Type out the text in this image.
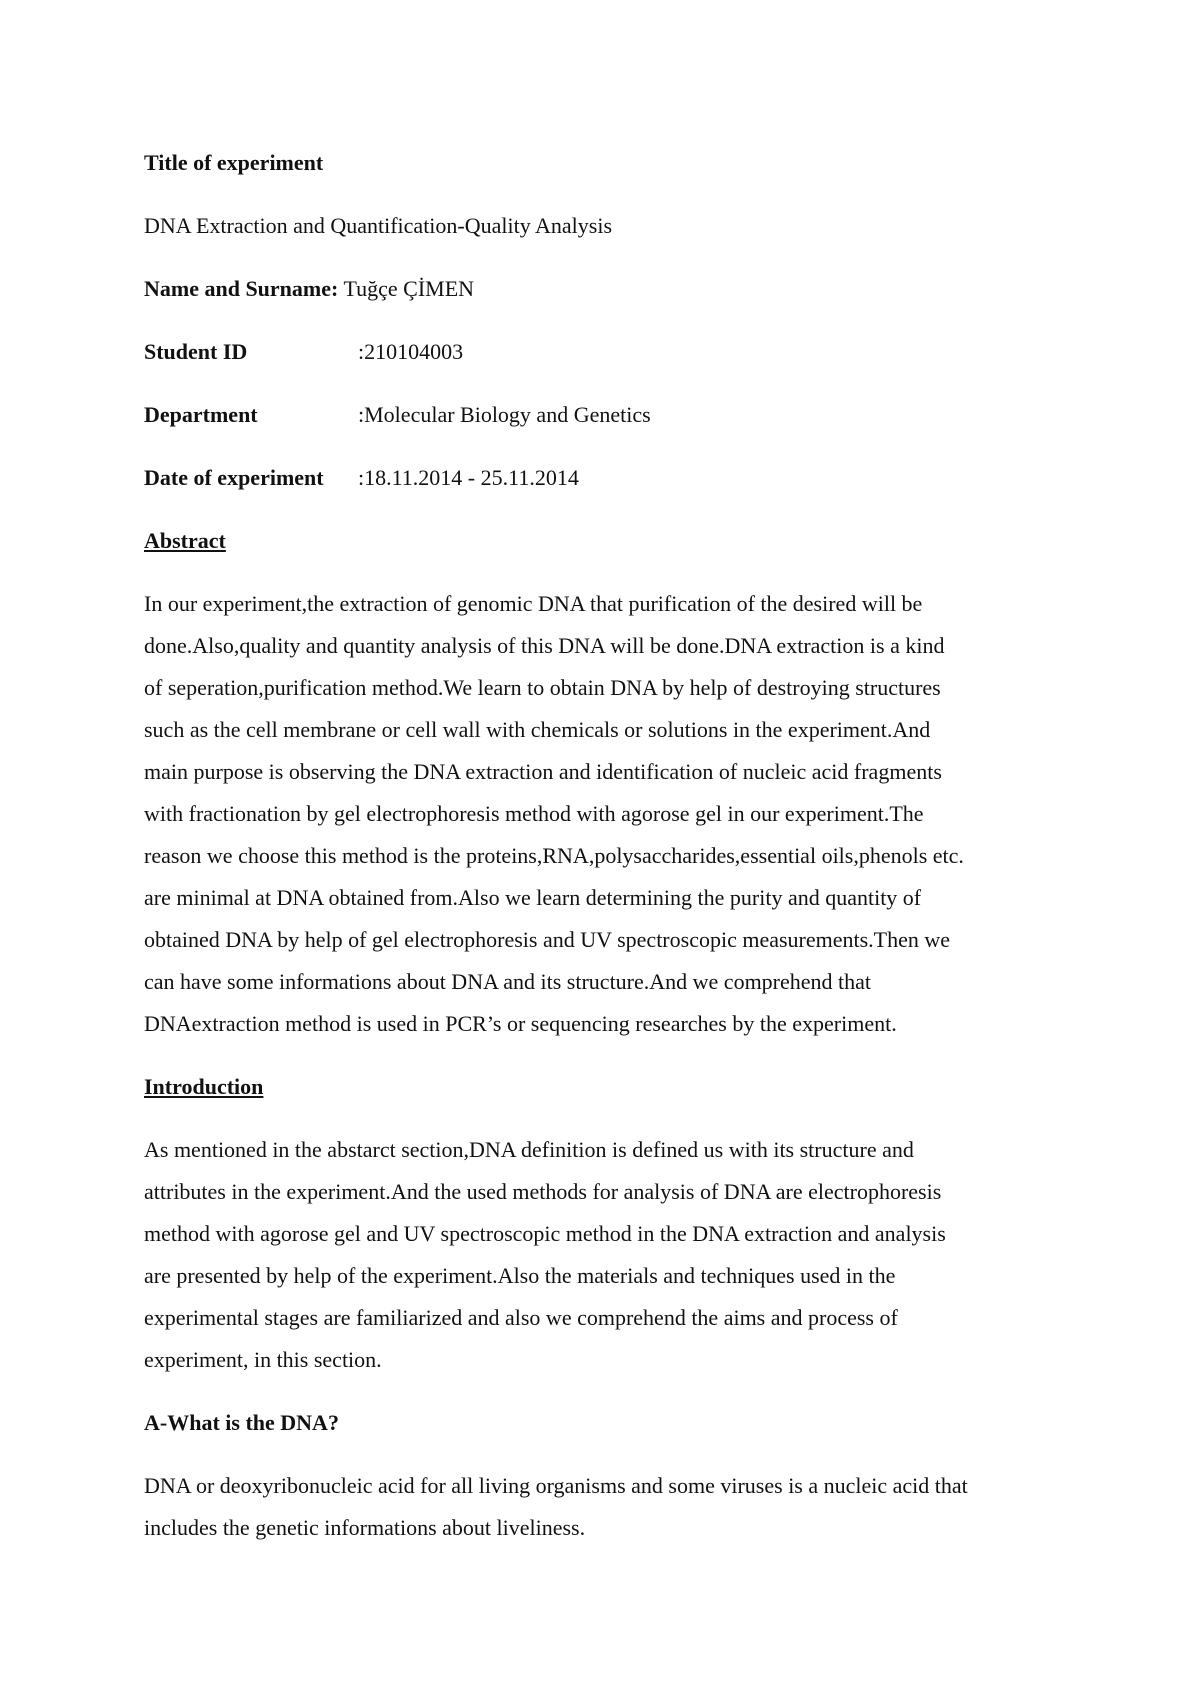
Title of experiment
DNA Extraction and Quantification-Quality Analysis
Name and Surname: Tuğçe ÇİMEN
Student ID	: 210104003
Department	: Molecular Biology and Genetics
Date of experiment	: 18.11.2014 - 25.11.2014
Abstract
In our experiment,the extraction of genomic DNA that purification of the desired will be
done.Also,quality and quantity analysis of this DNA will be done.DNA extraction is a kind
of seperation,purification method.We learn to obtain DNA by help of destroying structures
such as the cell membrane or cell wall with chemicals or solutions in the experiment.And
main purpose is observing the DNA extraction and identification of nucleic acid fragments
with fractionation by gel electrophoresis method with agorose gel in our experiment.The
reason we choose this method is the proteins,RNA,polysaccharides,essential oils,phenols etc.
are minimal at DNA obtained from.Also we learn determining the purity and quantity of
obtained DNA by help of gel electrophoresis and UV spectroscopic measurements.Then we
can have some informations about DNA and its structure.And we comprehend that
DNAextraction method is used in PCR’s or sequencing researches by the experiment.
Introduction
As mentioned in the abstarct section,DNA definition is defined us with its structure and
attributes in the experiment.And the used methods for analysis of DNA are electrophoresis
method with agorose gel and UV spectroscopic method in the DNA extraction and analysis
are presented by help of the experiment.Also the materials and techniques used in the
experimental stages are familiarized and also we comprehend the aims and process of
experiment, in this section.
A-What is the DNA?
DNA or deoxyribonucleic acid for all living organisms and some viruses is a nucleic acid that
includes the genetic informations about liveliness.
